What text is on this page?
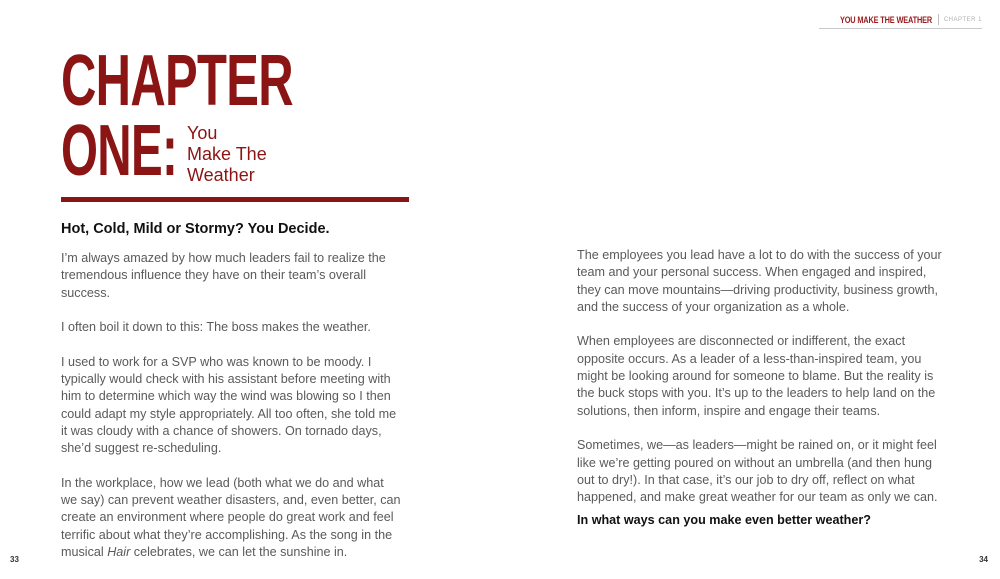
YOU MAKE THE WEATHER	CHAPTER 1
CHAPTER
ONE: You
Make The
Weather
Hot, Cold, Mild or Stormy? You Decide.

I’m always amazed by how much leaders fail to realize the tremendous influence they have on their team’s overall success.

I often boil it down to this: The boss makes the weather.

I used to work for a SVP who was known to be moody. I typically would check with his assistant before meeting with him to determine which way the wind was blowing so I then could adapt my style appropriately. All too often, she told me it was cloudy with a chance of showers. On tornado days, she’d suggest re-scheduling.

In the workplace, how we lead (both what we do and what we say) can prevent weather disasters, and, even better, can create an environment where people do great work and feel terrific about what they’re accomplishing. As the song in the musical Hair celebrates, we can let the sunshine in.

The employees you lead have a lot to do with the success of your team and your personal success. When engaged and inspired, they can move mountains—driving productivity, business growth, and the success of your organization as a whole.

When employees are disconnected or indifferent, the exact opposite occurs. As a leader of a less-than-inspired team, you might be looking around for someone to blame. But the reality is the buck stops with you. It’s up to the leaders to help land on the solutions, then inform, inspire and engage their teams.

Sometimes, we—as leaders—might be rained on, or it might feel like we’re getting poured on without an umbrella (and then hung out to dry!). In that case, it’s our job to dry off, reflect on what happened, and make great weather for our team as only we can.

In what ways can you make even better weather?
33	34
